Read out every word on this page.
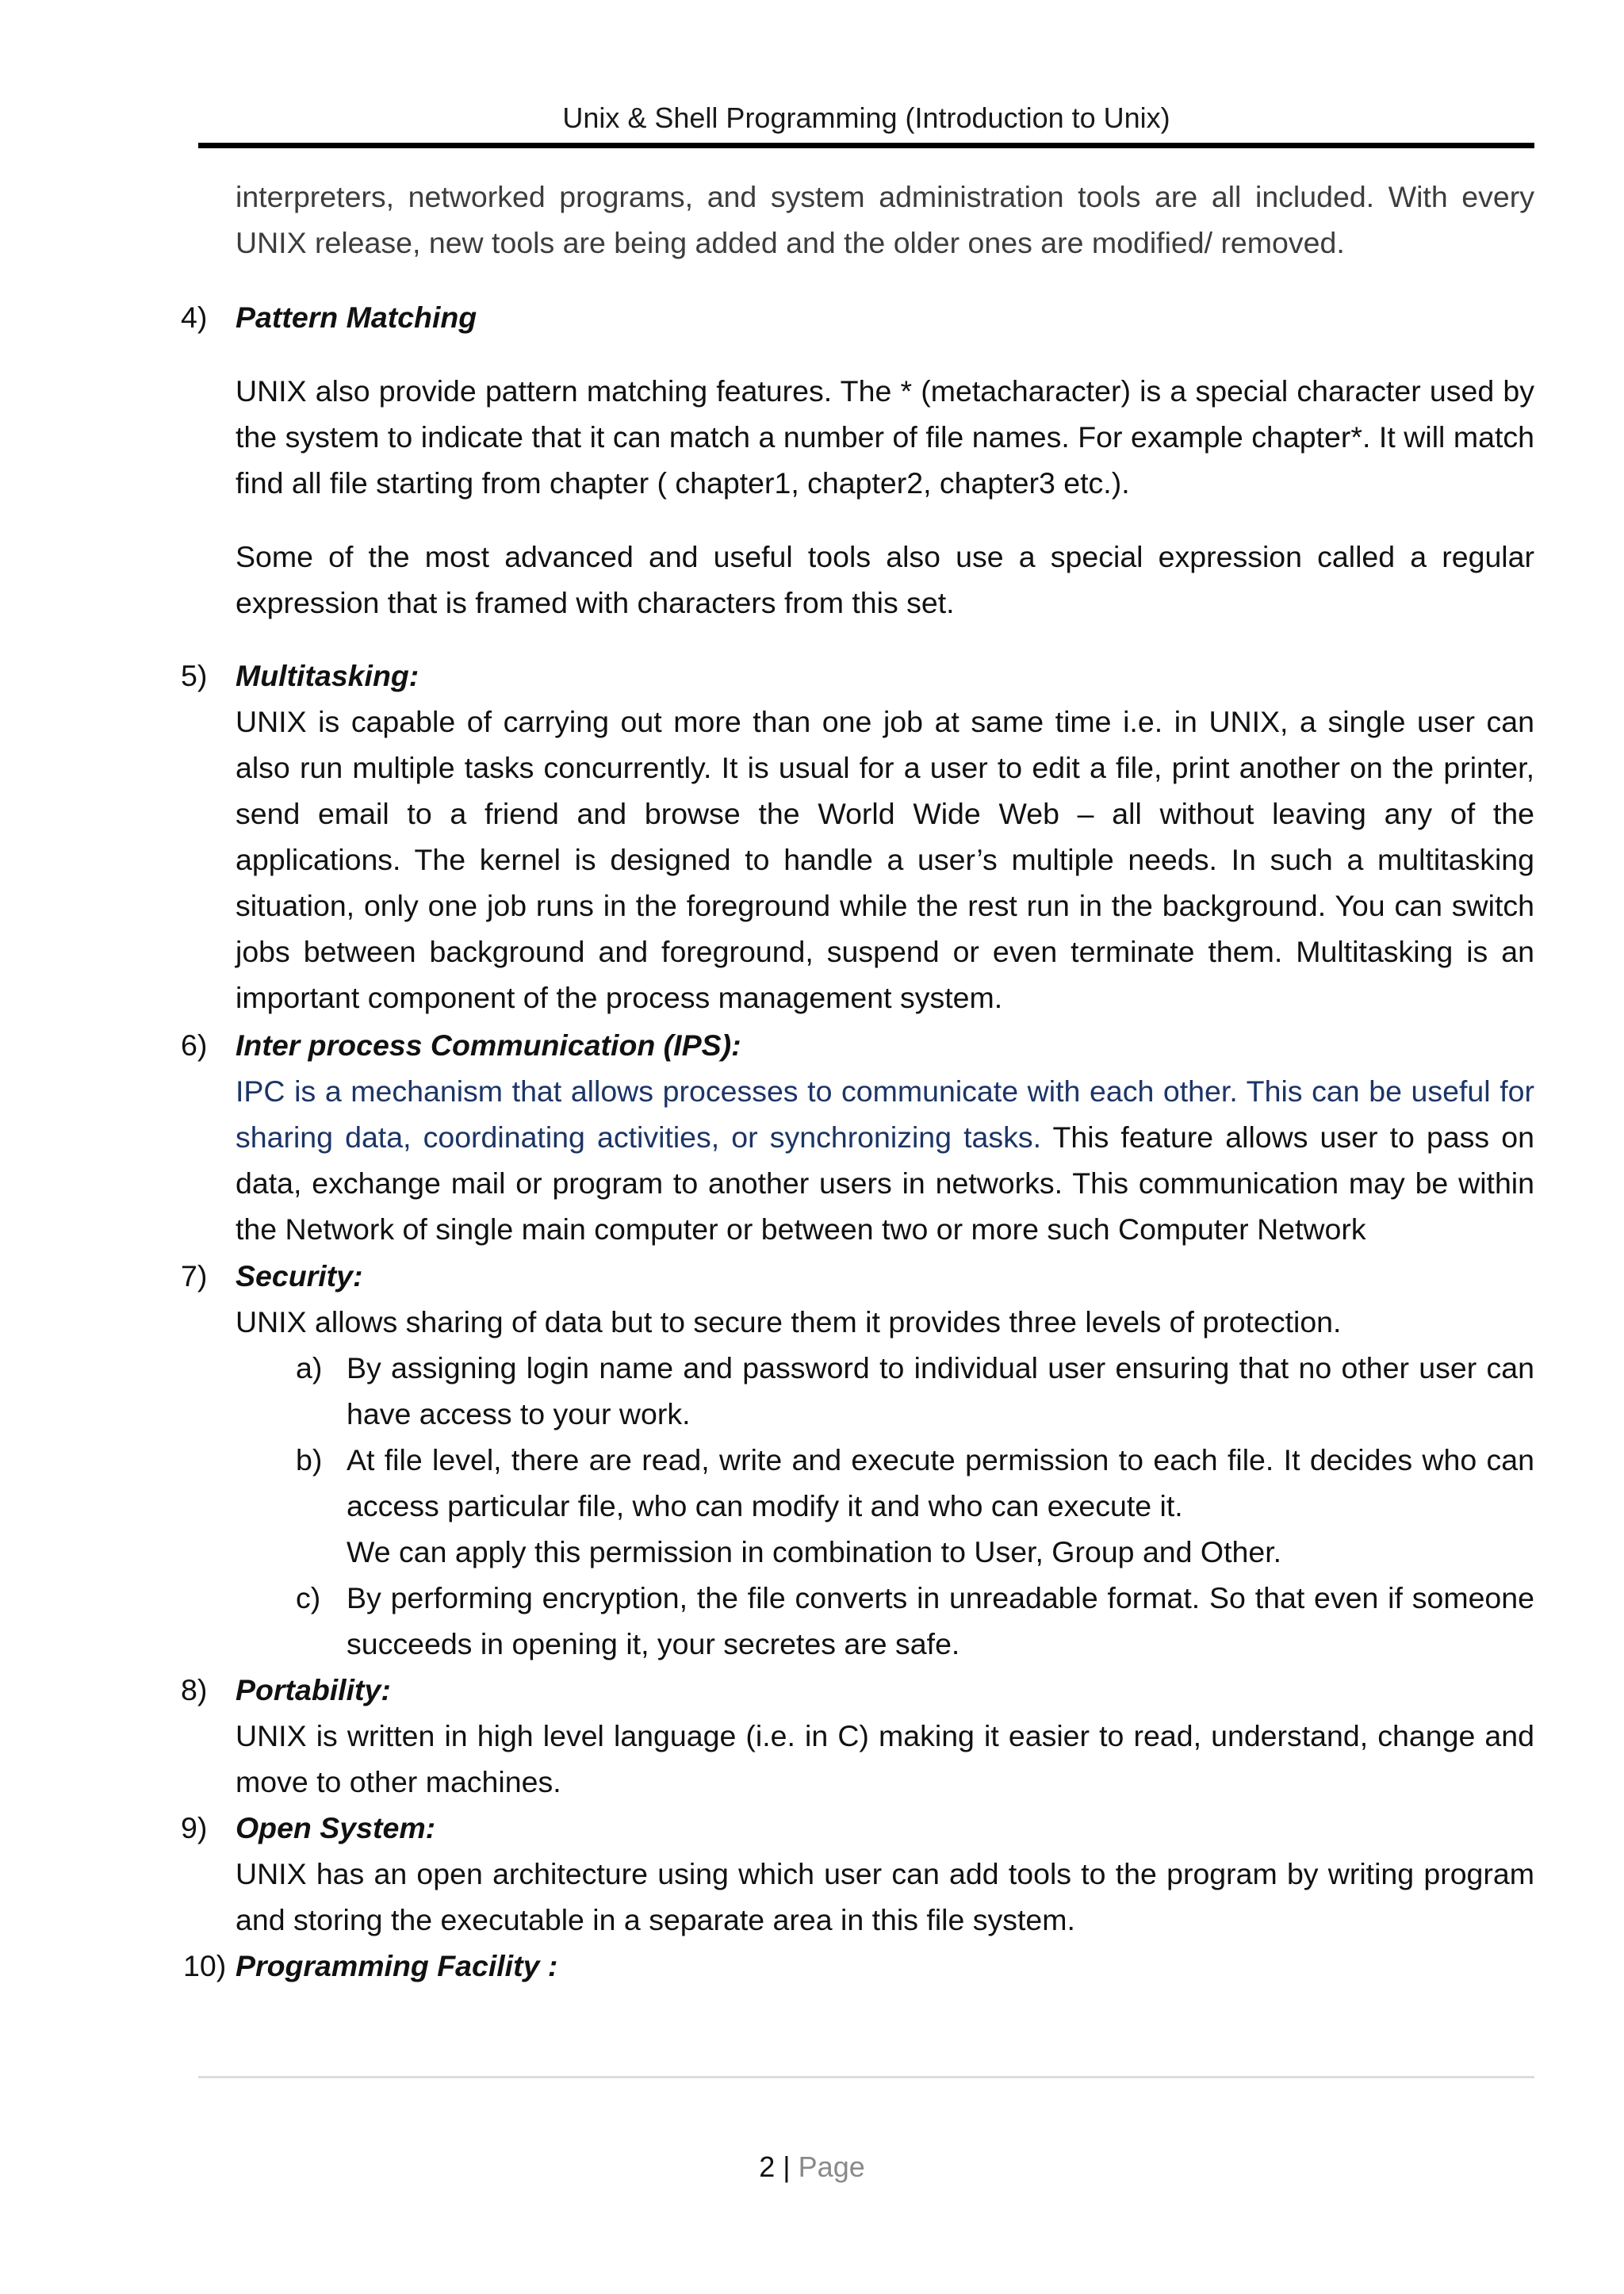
Unix & Shell Programming (Introduction to Unix)
interpreters, networked programs, and system administration tools are all included. With every UNIX release, new tools are being added and the older ones are modified/ removed.
4) Pattern Matching
UNIX also provide pattern matching features. The * (metacharacter) is a special character used by the system to indicate that it can match a number of file names. For example chapter*. It will match find all file starting from chapter ( chapter1, chapter2, chapter3 etc.).
Some of the most advanced and useful tools also use a special expression called a regular expression that is framed with characters from this set.
5) Multitasking:
UNIX is capable of carrying out more than one job at same time i.e. in UNIX, a single user can also run multiple tasks concurrently. It is usual for a user to edit a file, print another on the printer, send email to a friend and browse the World Wide Web – all without leaving any of the applications. The kernel is designed to handle a user’s multiple needs. In such a multitasking situation, only one job runs in the foreground while the rest run in the background. You can switch jobs between background and foreground, suspend or even terminate them. Multitasking is an important component of the process management system.
6) Inter process Communication (IPS):
IPC is a mechanism that allows processes to communicate with each other. This can be useful for sharing data, coordinating activities, or synchronizing tasks. This feature allows user to pass on data, exchange mail or program to another users in networks. This communication may be within the Network of single main computer or between two or more such Computer Network
7) Security:
UNIX allows sharing of data but to secure them it provides three levels of protection.
a) By assigning login name and password to individual user ensuring that no other user can have access to your work.
b) At file level, there are read, write and execute permission to each file. It decides who can access particular file, who can modify it and who can execute it.
We can apply this permission in combination to User, Group and Other.
c) By performing encryption, the file converts in unreadable format. So that even if someone succeeds in opening it, your secretes are safe.
8) Portability:
UNIX is written in high level language (i.e. in C) making it easier to read, understand, change and move to other machines.
9) Open System:
UNIX has an open architecture using which user can add tools to the program by writing program and storing the executable in a separate area in this file system.
10) Programming Facility :
2 | Page
